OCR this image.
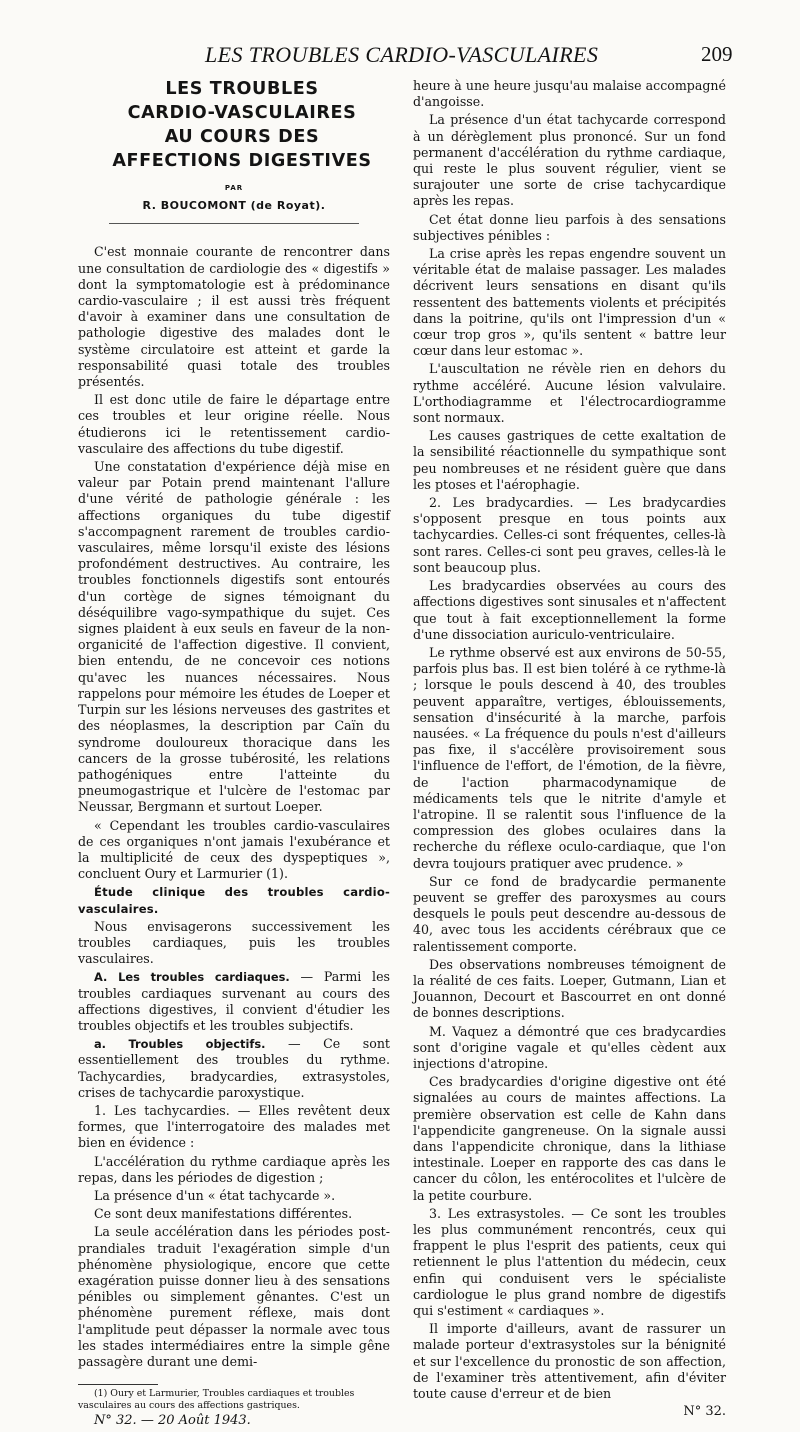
LES TROUBLES CARDIO-VASCULAIRES	209

LES TROUBLES

CARDIO-VASCULAIRES

AU COURS DES

AFFECTIONS DIGESTIVES

PAR
R. BOUCOMONT (de Royat).

C'est monnaie courante de rencontrer dans une consultation de cardiologie des « digestifs » dont la symptomatologie est à prédominance cardio-vasculaire ; il est aussi très fréquent d'avoir à examiner dans une consultation de pathologie digestive des malades dont le système circulatoire est atteint et garde la responsabilité quasi totale des troubles présentés.

Il est donc utile de faire le départage entre ces troubles et leur origine réelle. Nous étudierons ici le retentissement cardio-vasculaire des affections du tube digestif.

Une constatation d'expérience déjà mise en valeur par Potain prend maintenant l'allure d'une vérité de pathologie générale : les affections organiques du tube digestif s'accompagnent rarement de troubles cardio-vasculaires, même lorsqu'il existe des lésions profondément destructives. Au contraire, les troubles fonctionnels digestifs sont entourés d'un cortège de signes témoignant du déséquilibre vago-sympathique du sujet. Ces signes plaident à eux seuls en faveur de la non-organicité de l'affection digestive. Il convient, bien entendu, de ne concevoir ces notions qu'avec les nuances nécessaires. Nous rappelons pour mémoire les études de Loeper et Turpin sur les lésions nerveuses des gastrites et des néoplasmes, la description par Caïn du syndrome douloureux thoracique dans les cancers de la grosse tubérosité, les relations pathogéniques entre l'atteinte du pneumogastrique et l'ulcère de l'estomac par Neussar, Bergmann et surtout Loeper.

« Cependant les troubles cardio-vasculaires de ces organiques n'ont jamais l'exubérance et la multiplicité de ceux des dyspeptiques », concluent Oury et Larmurier (1).

Étude clinique des troubles cardio-vasculaires.

Nous envisagerons successivement les troubles cardiaques, puis les troubles vasculaires.

A. Les troubles cardiaques. — Parmi les troubles cardiaques survenant au cours des affections digestives, il convient d'étudier les troubles objectifs et les troubles subjectifs.

a. Troubles objectifs. — Ce sont essentiellement des troubles du rythme. Tachycardies, bradycardies, extrasystoles, crises de tachycardie paroxystique.

1. Les tachycardies. — Elles revêtent deux formes, que l'interrogatoire des malades met bien en évidence :

L'accélération du rythme cardiaque après les repas, dans les périodes de digestion ;

La présence d'un « état tachycarde ».

Ce sont deux manifestations différentes.

La seule accélération dans les périodes post-prandiales traduit l'exagération simple d'un phénomène physiologique, encore que cette exagération puisse donner lieu à des sensations pénibles ou simplement gênantes. C'est un phénomène purement réflexe, mais dont l'amplitude peut dépasser la normale avec tous les stades intermédiaires entre la simple gêne passagère durant une demi-

(1) Oury et Larmurier, Troubles cardiaques et troubles vasculaires au cours des affections gastriques.

N° 32. — 20 Août 1943.

heure à une heure jusqu'au malaise accompagné d'angoisse.

La présence d'un état tachycarde correspond à un dérèglement plus prononcé. Sur un fond permanent d'accélération du rythme cardiaque, qui reste le plus souvent régulier, vient se surajouter une sorte de crise tachycardique après les repas.

Cet état donne lieu parfois à des sensations subjectives pénibles :

La crise après les repas engendre souvent un véritable état de malaise passager. Les malades décrivent leurs sensations en disant qu'ils ressentent des battements violents et précipités dans la poitrine, qu'ils ont l'impression d'un « cœur trop gros », qu'ils sentent « battre leur cœur dans leur estomac ».

L'auscultation ne révèle rien en dehors du rythme accéléré. Aucune lésion valvulaire. L'orthodiagramme et l'électrocardiogramme sont normaux.

Les causes gastriques de cette exaltation de la sensibilité réactionnelle du sympathique sont peu nombreuses et ne résident guère que dans les ptoses et l'aérophagie.

2. Les bradycardies. — Les bradycardies s'opposent presque en tous points aux tachycardies. Celles-ci sont fréquentes, celles-là sont rares. Celles-ci sont peu graves, celles-là le sont beaucoup plus.

Les bradycardies observées au cours des affections digestives sont sinusales et n'affectent que tout à fait exceptionnellement la forme d'une dissociation auriculo-ventriculaire.

Le rythme observé est aux environs de 50-55, parfois plus bas. Il est bien toléré à ce rythme-là ; lorsque le pouls descend à 40, des troubles peuvent apparaître, vertiges, éblouissements, sensation d'insécurité à la marche, parfois nausées. « La fréquence du pouls n'est d'ailleurs pas fixe, il s'accélère provisoirement sous l'influence de l'effort, de l'émotion, de la fièvre, de l'action pharmacodynamique de médicaments tels que le nitrite d'amyle et l'atropine. Il se ralentit sous l'influence de la compression des globes oculaires dans la recherche du réflexe oculo-cardiaque, que l'on devra toujours pratiquer avec prudence. »

Sur ce fond de bradycardie permanente peuvent se greffer des paroxysmes au cours desquels le pouls peut descendre au-dessous de 40, avec tous les accidents cérébraux que ce ralentissement comporte.

Des observations nombreuses témoignent de la réalité de ces faits. Loeper, Gutmann, Lian et Jouannon, Decourt et Bascourret en ont donné de bonnes descriptions.

M. Vaquez a démontré que ces bradycardies sont d'origine vagale et qu'elles cèdent aux injections d'atropine.

Ces bradycardies d'origine digestive ont été signalées au cours de maintes affections. La première observation est celle de Kahn dans l'appendicite gangreneuse. On la signale aussi dans l'appendicite chronique, dans la lithiase intestinale. Loeper en rapporte des cas dans le cancer du côlon, les entérocolites et l'ulcère de la petite courbure.

3. Les extrasystoles. — Ce sont les troubles les plus communément rencontrés, ceux qui frappent le plus l'esprit des patients, ceux qui retiennent le plus l'attention du médecin, ceux enfin qui conduisent vers le spécialiste cardiologue le plus grand nombre de digestifs qui s'estiment « cardiaques ».

Il importe d'ailleurs, avant de rassurer un malade porteur d'extrasystoles sur la bénignité et sur l'excellence du pronostic de son affection, de l'examiner très attentivement, afin d'éviter toute cause d'erreur et de bien

N° 32.
